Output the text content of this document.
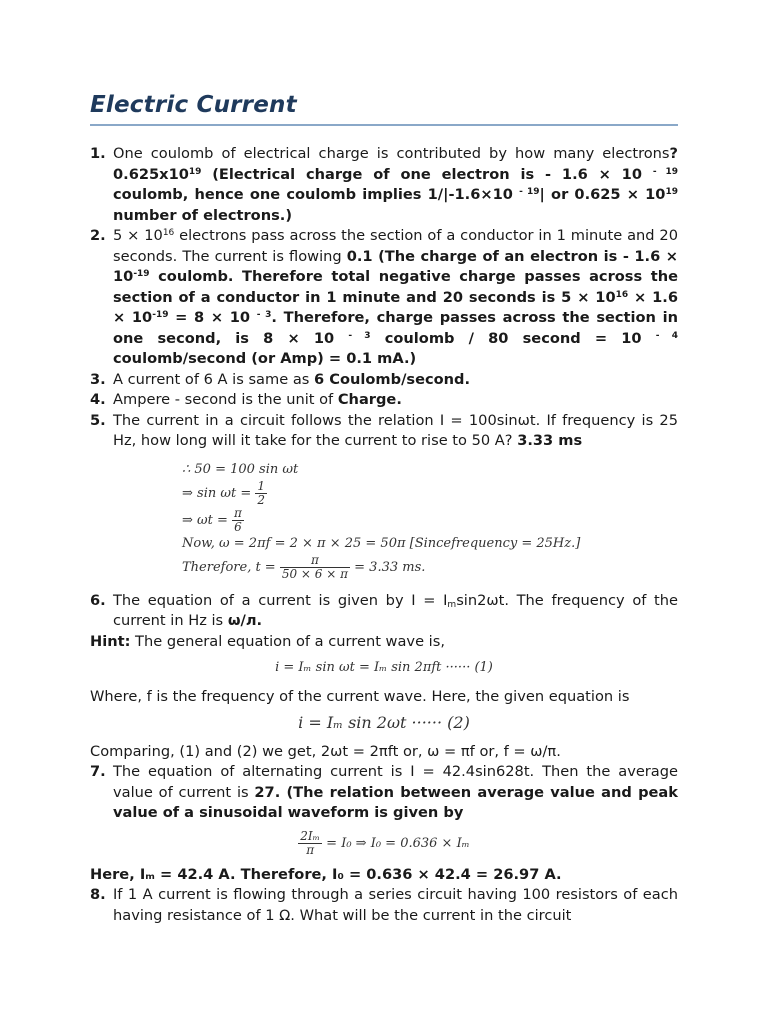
Electric Current
1. One coulomb of electrical charge is contributed by how many electrons? $0.625x10^{19}$ (Electrical charge of one electron is - 1.6 × 10 $^{- 19}$ coulomb, hence one coulomb implies 1/|-1.6×10 $^{- 19}$| or $0.625 \times 10^{19}$ number of electrons.)
2. $5 \times 10^{16}$ electrons pass across the section of a conductor in 1 minute and 20 seconds. The current is flowing 0.1 (The charge of an electron is - $1.6 \times 10^{-19}$ coulomb. Therefore total negative charge passes across the section of a conductor in 1 minute and 20 seconds is $5 \times 10^{16} \times 1.6 \times 10^{-19} = 8 \times 10$ $^{- 3}$. Therefore, charge passes across the section in one second, is 8 × 10 $^{- 3}$ coulomb / 80 second = 10 $^{- 4}$ coulomb/second (or Amp) = 0.1 mA.)
3. A current of 6 A is same as 6 Coulomb/second.
4. Ampere - second is the unit of Charge.
5. The current in a circuit follows the relation I = 100sinωt. If frequency is 25 Hz, how long will it take for the current to rise to 50 A? 3.33 ms
∴ 50 = 100 sin ωt
⇒ $\sin \omega t = \frac{1}{2}$
⇒ $\omega t = \frac{\pi}{6}$
Now, ω = 2πf = 2 × π × 25 = 50π [Sincefrequency = 25Hz.]
Therefore, $t = \frac{\pi}{50 \times 6 \times \pi} = 3.33$ ms.
6. The equation of a current is given by $I = I_m\sin 2\omega t$. The frequency of the current in Hz is ω/л.
Hint: The general equation of a current wave is,
i = Iₘ sin ωt = Iₘ sin 2πft ······ (1)
Where, f is the frequency of the current wave. Here, the given equation is
i = Iₘ sin 2ωt ······ (2)
Comparing, (1) and (2) we get, 2ωt = 2πft or, ω = πf or, f = ω/π.
7. The equation of alternating current is I = 42.4sin628t. Then the average value of current is 27. (The relation between average value and peak value of a sinusoidal waveform is given by
$\frac{\text{2Iₘ}}{\pi} = I_0$ ⇒ I₀ = 0.636 × Iₘ
Here, Iₘ = 42.4 A. Therefore, I₀ = 0.636 × 42.4 = 26.97 A.
8. If 1 A current is flowing through a series circuit having 100 resistors of each having resistance of 1 Ω. What will be the current in the circuit
